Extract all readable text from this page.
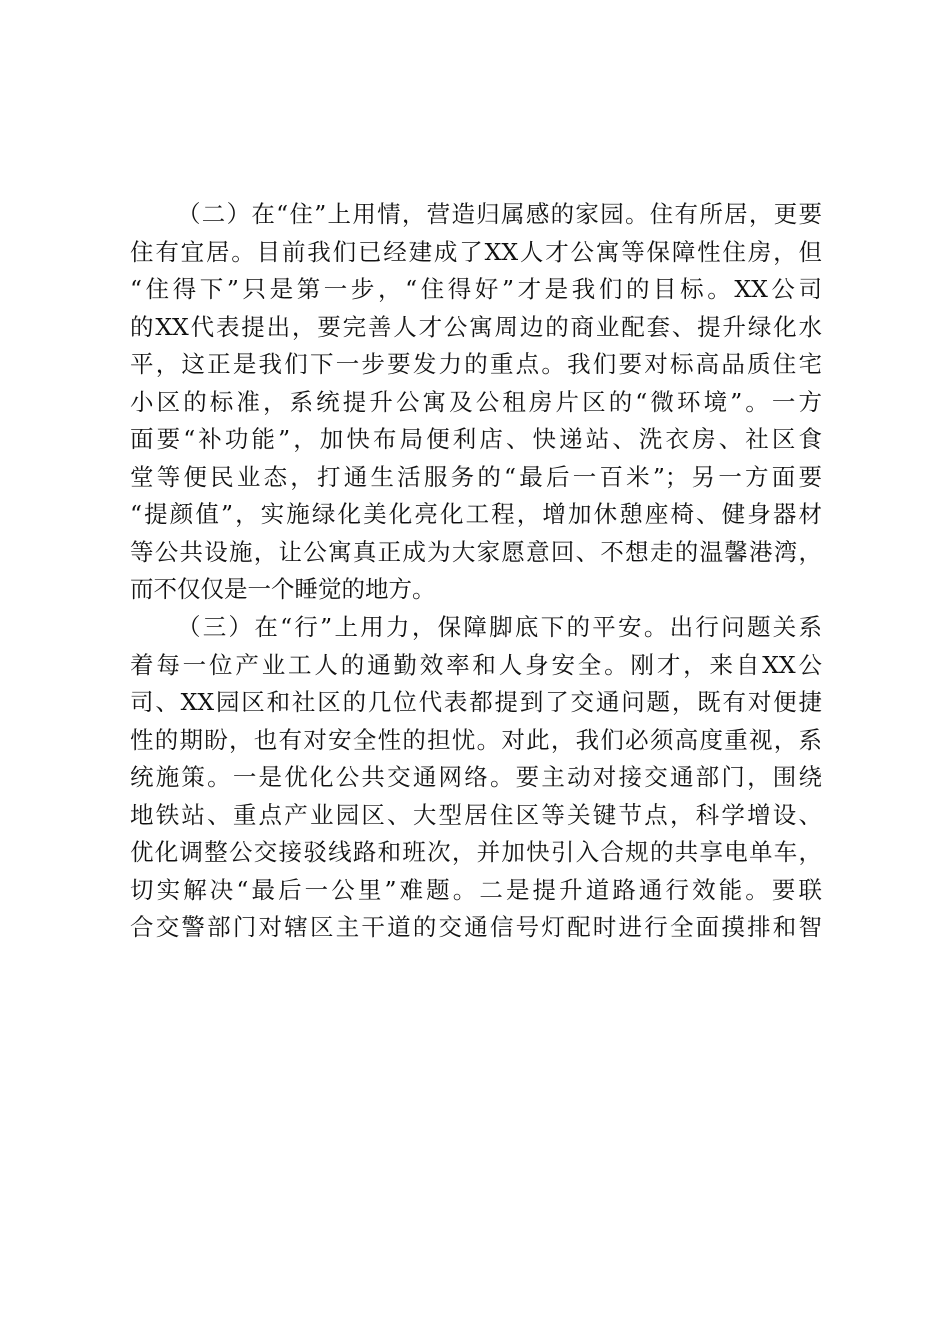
（二）在“住”上用情，营造归属感的家园。住有所居，更要
住有宜居。目前我们已经建成了XX人才公寓等保障性住房，但
“住得下”只是第一步，“住得好”才是我们的目标。XX公司
的XX代表提出，要完善人才公寓周边的商业配套、提升绿化水
平，这正是我们下一步要发力的重点。我们要对标高品质住宅
小区的标准，系统提升公寓及公租房片区的“微环境”。一方
面要“补功能”，加快布局便利店、快递站、洗衣房、社区食
堂等便民业态，打通生活服务的“最后一百米”；另一方面要
“提颜值”，实施绿化美化亮化工程，增加休憩座椅、健身器材
等公共设施，让公寓真正成为大家愿意回、不想走的温馨港湾，
而不仅仅是一个睡觉的地方。
（三）在“行”上用力，保障脚底下的平安。出行问题关系
着每一位产业工人的通勤效率和人身安全。刚才，来自XX公
司、XX园区和社区的几位代表都提到了交通问题，既有对便捷
性的期盼，也有对安全性的担忧。对此，我们必须高度重视，系
统施策。一是优化公共交通网络。要主动对接交通部门，围绕
地铁站、重点产业园区、大型居住区等关键节点，科学增设、
优化调整公交接驳线路和班次，并加快引入合规的共享电单车，
切实解决“最后一公里”难题。二是提升道路通行效能。要联
合交警部门对辖区主干道的交通信号灯配时进行全面摸排和智
